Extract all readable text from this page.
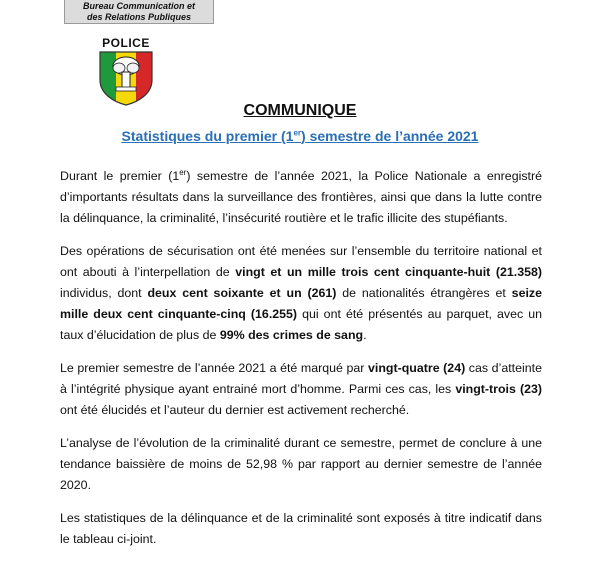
Bureau Communication et
des Relations Publiques
POLICE
COMMUNIQUE
Statistiques du premier (1er) semestre de l’année 2021

Durant le premier (1er) semestre de l’année 2021, la Police Nationale a enregistré d’importants résultats dans la surveillance des frontières, ainsi que dans la lutte contre la délinquance, la criminalité, l’insécurité routière et le trafic illicite des stupéfiants.

Des opérations de sécurisation ont été menées sur l’ensemble du territoire national et ont abouti à l’interpellation de vingt et un mille trois cent cinquante-huit (21.358) individus, dont deux cent soixante et un (261) de nationalités étrangères et seize mille deux cent cinquante-cinq (16.255) qui ont été présentés au parquet, avec un taux d’élucidation de plus de 99% des crimes de sang.

Le premier semestre de l’année 2021 a été marqué par vingt-quatre (24) cas d’atteinte à l’intégrité physique ayant entrainé mort d’homme. Parmi ces cas, les vingt-trois (23) ont été élucidés et l’auteur du dernier est activement recherché.

L’analyse de l’évolution de la criminalité durant ce semestre, permet de conclure à une tendance baissière de moins de 52,98 % par rapport au dernier semestre de l’année 2020.

Les statistiques de la délinquance et de la criminalité sont exposés à titre indicatif dans le tableau ci-joint.
